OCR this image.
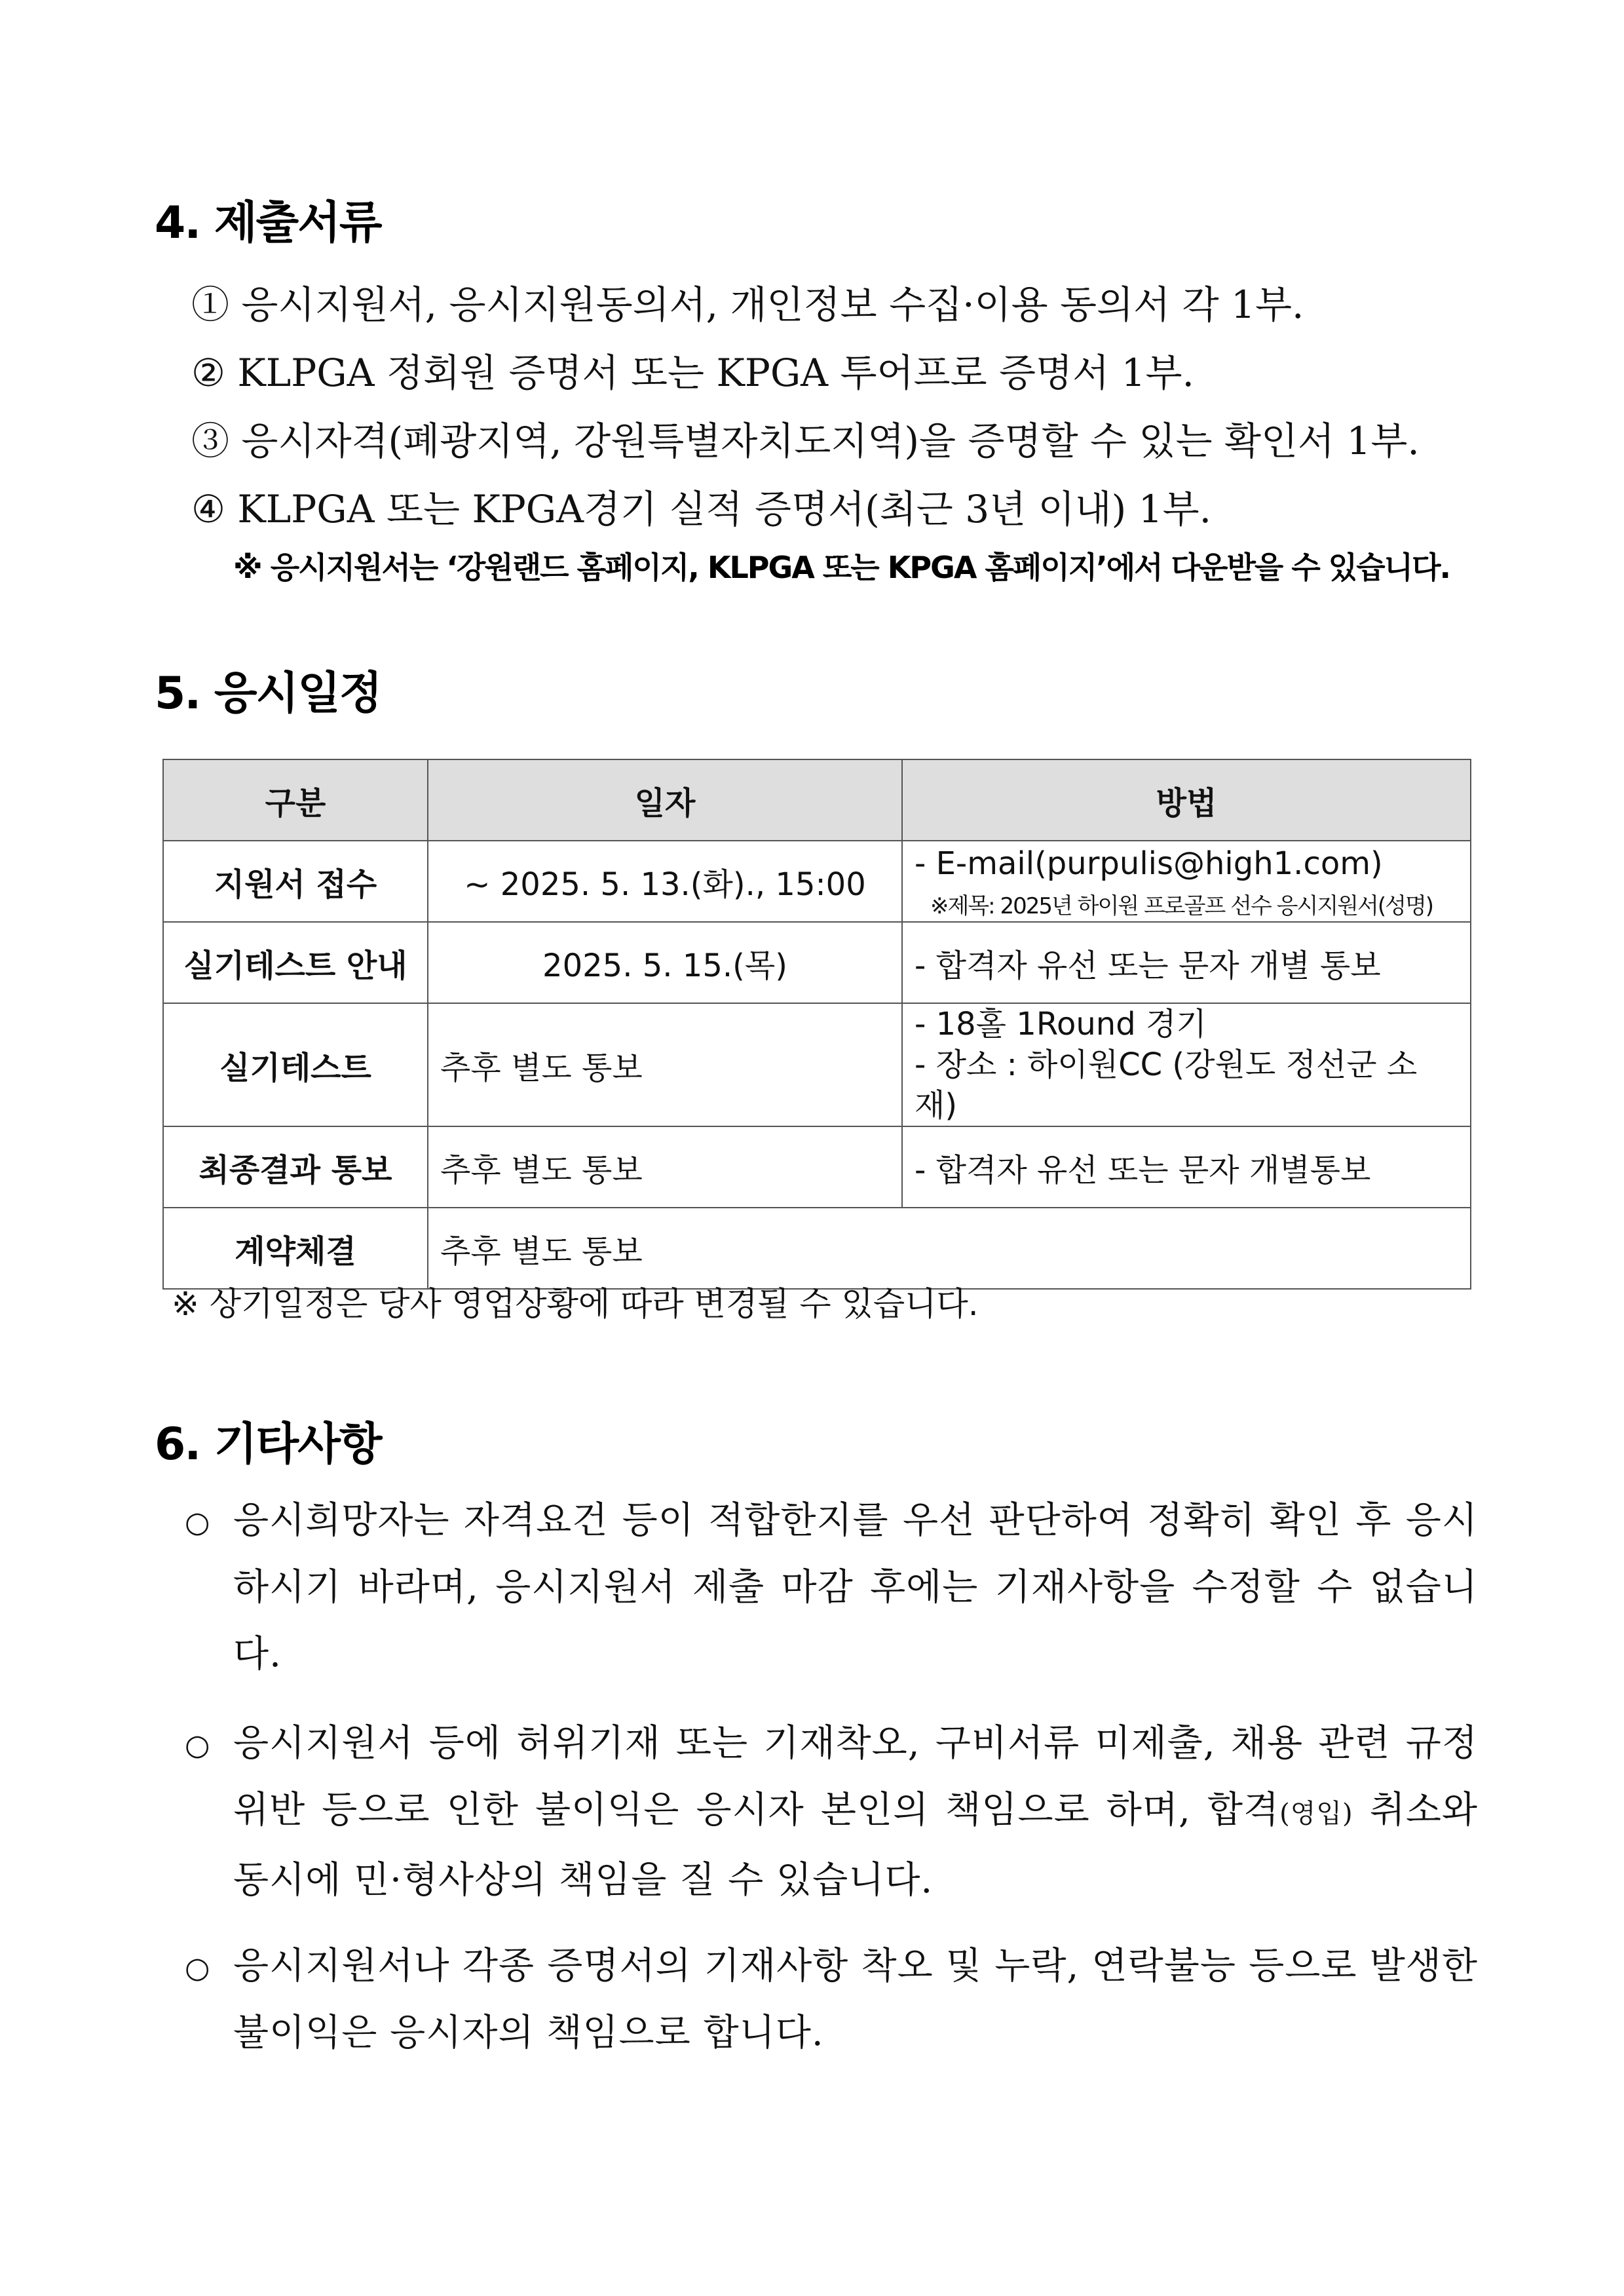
4. 제출서류
① 응시지원서, 응시지원동의서, 개인정보 수집·이용 동의서 각 1부.
② KLPGA 정회원 증명서 또는 KPGA 투어프로 증명서 1부.
③ 응시자격(폐광지역, 강원특별자치도지역)을 증명할 수 있는 확인서 1부.
④ KLPGA 또는 KPGA경기 실적 증명서(최근 3년 이내) 1부.
※ 응시지원서는 ‘강원랜드 홈페이지, KLPGA 또는 KPGA 홈페이지’에서 다운받을 수 있습니다.
5. 응시일정
구분	일자	방법
지원서 접수	~ 2025. 5. 13.(화)., 15:00	- E-mail(purpulis@high1.com)
※제목: 2025년 하이원 프로골프 선수 응시지원서(성명)

실기테스트 안내	2025. 5. 15.(목)	- 합격자 유선 또는 문자 개별 통보
실기테스트	추후 별도 통보	- 18홀 1Round 경기
- 장소 : 하이원CC (강원도 정선군 소재)

최종결과 통보	추후 별도 통보	- 합격자 유선 또는 문자 개별통보
계약체결	추후 별도 통보	
※ 상기일정은 당사 영업상황에 따라 변경될 수 있습니다.
6. 기타사항
○ 응시희망자는 자격요건 등이 적합한지를 우선 판단하여 정확히 확인 후 응시하시기 바라며, 응시지원서 제출 마감 후에는 기재사항을 수정할 수 없습니다.
○ 응시지원서 등에 허위기재 또는 기재착오, 구비서류 미제출, 채용 관련 규정위반 등으로 인한 불이익은 응시자 본인의 책임으로 하며, 합격(영입) 취소와 동시에 민·형사상의 책임을 질 수 있습니다.
○ 응시지원서나 각종 증명서의 기재사항 착오 및 누락, 연락불능 등으로 발생한 불이익은 응시자의 책임으로 합니다.
